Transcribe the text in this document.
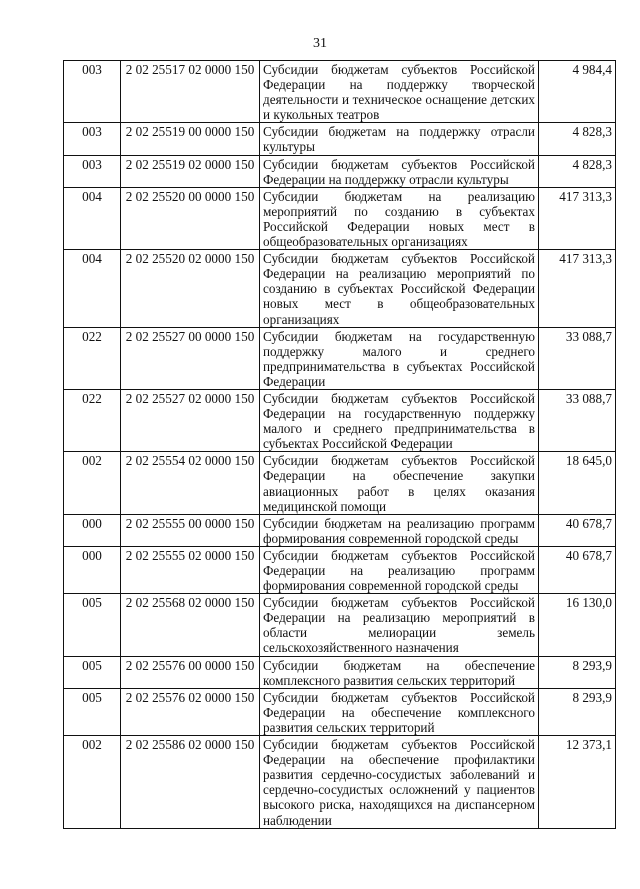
31
003	2 02 25517 02 0000 150	Субсидии бюджетам субъектов Российской Федерации на поддержку творческой деятельности и техническое оснащение детских и кукольных театров	4 984,4
003	2 02 25519 00 0000 150	Субсидии бюджетам на поддержку отрасли культуры	4 828,3
003	2 02 25519 02 0000 150	Субсидии бюджетам субъектов Российской Федерации на поддержку отрасли культуры	4 828,3
004	2 02 25520 00 0000 150	Субсидии бюджетам на реализацию мероприятий по созданию в субъектах Российской Федерации новых мест в общеобразовательных организациях	417 313,3
004	2 02 25520 02 0000 150	Субсидии бюджетам субъектов Российской Федерации на реализацию мероприятий по созданию в субъектах Российской Федерации новых мест в общеобразовательных организациях	417 313,3
022	2 02 25527 00 0000 150	Субсидии бюджетам на государственную поддержку малого и среднего предпринимательства в субъектах Российской Федерации	33 088,7
022	2 02 25527 02 0000 150	Субсидии бюджетам субъектов Российской Федерации на государственную поддержку малого и среднего предпринимательства в субъектах Российской Федерации	33 088,7
002	2 02 25554 02 0000 150	Субсидии бюджетам субъектов Российской Федерации на обеспечение закупки авиационных работ в целях оказания медицинской помощи	18 645,0
000	2 02 25555 00 0000 150	Субсидии бюджетам на реализацию программ формирования современной городской среды	40 678,7
000	2 02 25555 02 0000 150	Субсидии бюджетам субъектов Российской Федерации на реализацию программ формирования современной городской среды	40 678,7
005	2 02 25568 02 0000 150	Субсидии бюджетам субъектов Российской Федерации на реализацию мероприятий в области мелиорации земель сельскохозяйственного назначения	16 130,0
005	2 02 25576 00 0000 150	Субсидии бюджетам на обеспечение комплексного развития сельских территорий	8 293,9
005	2 02 25576 02 0000 150	Субсидии бюджетам субъектов Российской Федерации на обеспечение комплексного развития сельских территорий	8 293,9
002	2 02 25586 02 0000 150	Субсидии бюджетам субъектов Российской Федерации на обеспечение профилактики развития сердечно-сосудистых заболеваний и сердечно-сосудистых осложнений у пациентов высокого риска, находящихся на диспансерном наблюдении	12 373,1
